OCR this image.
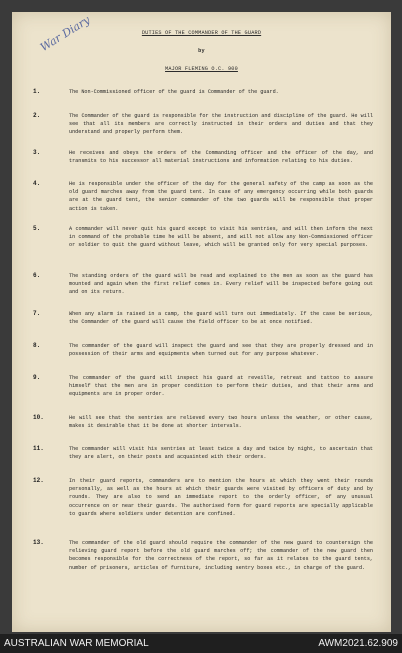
War Diary	DUTIES OF THE COMMANDER OF THE GUARD
by
MAJOR FLEMING O.C. 900
1.	The Non-Commissioned officer of the guard is Commander of the guard.
2.	The Commander of the guard is responsible for the instruction and discipline of the guard. He will see that all its members are correctly instructed in their orders and duties and that they understand and properly perform them.
3.	He receives and obeys the orders of the Commanding officer and the officer of the day, and transmits to his successor all material instructions and information relating to his duties.
4.	He is responsible under the officer of the day for the general safety of the camp as soon as the old guard marches away from the guard tent. In case of any emergency occurring while both guards are at the guard tent, the senior commander of the two guards will be responsible that proper action is taken.
5.	A commander will never quit his guard except to visit his sentries, and will then inform the next in command of the probable time he will be absent, and will not allow any Non-Commissioned officer or soldier to quit the guard without leave, which will be granted only for very special purposes.
6.	The standing orders of the guard will be read and explained to the men as soon as the guard has mounted and again when the first relief comes in. Every relief will be inspected before going out and on its return.
7.	When any alarm is raised in a camp, the guard will turn out immediately. If the case be serious, the Commander of the guard will cause the field officer to be at once notified.
8.	The commander of the guard will inspect the guard and see that they are properly dressed and in possession of their arms and equipments when turned out for any purpose whatever.
9.	The commander of the guard will inspect his guard at reveille, retreat and tattoo to assure himself that the men are in proper condition to perform their duties, and that their arms and equipments are in proper order.
10.	He will see that the sentries are relieved every two hours unless the weather, or other cause, makes it desirable that it be done at shorter intervals.
11.	The commander will visit his sentries at least twice a day and twice by night, to ascertain that they are alert, on their posts and acquainted with their orders.
12.	In their guard reports, commanders are to mention the hours at which they went their rounds personally, as well as the hours at which their guards were visited by officers of duty and by rounds. They are also to send an immediate report to the orderly officer, of any unusual occurrence on or near their guards. The authorised form for guard reports are specially applicable to guards where soldiers under detention are confined.
13.	The commander of the old guard should require the commander of the new guard to countersign the relieving guard report before the old guard marches off; the commander of the new guard then becomes responsible for the correctness of the report, so far as it relates to the guard tents, number of prisoners, articles of furniture, including sentry boxes etc., in charge of the guard.
AUSTRALIAN WAR MEMORIAL	AWM2021.62.909
